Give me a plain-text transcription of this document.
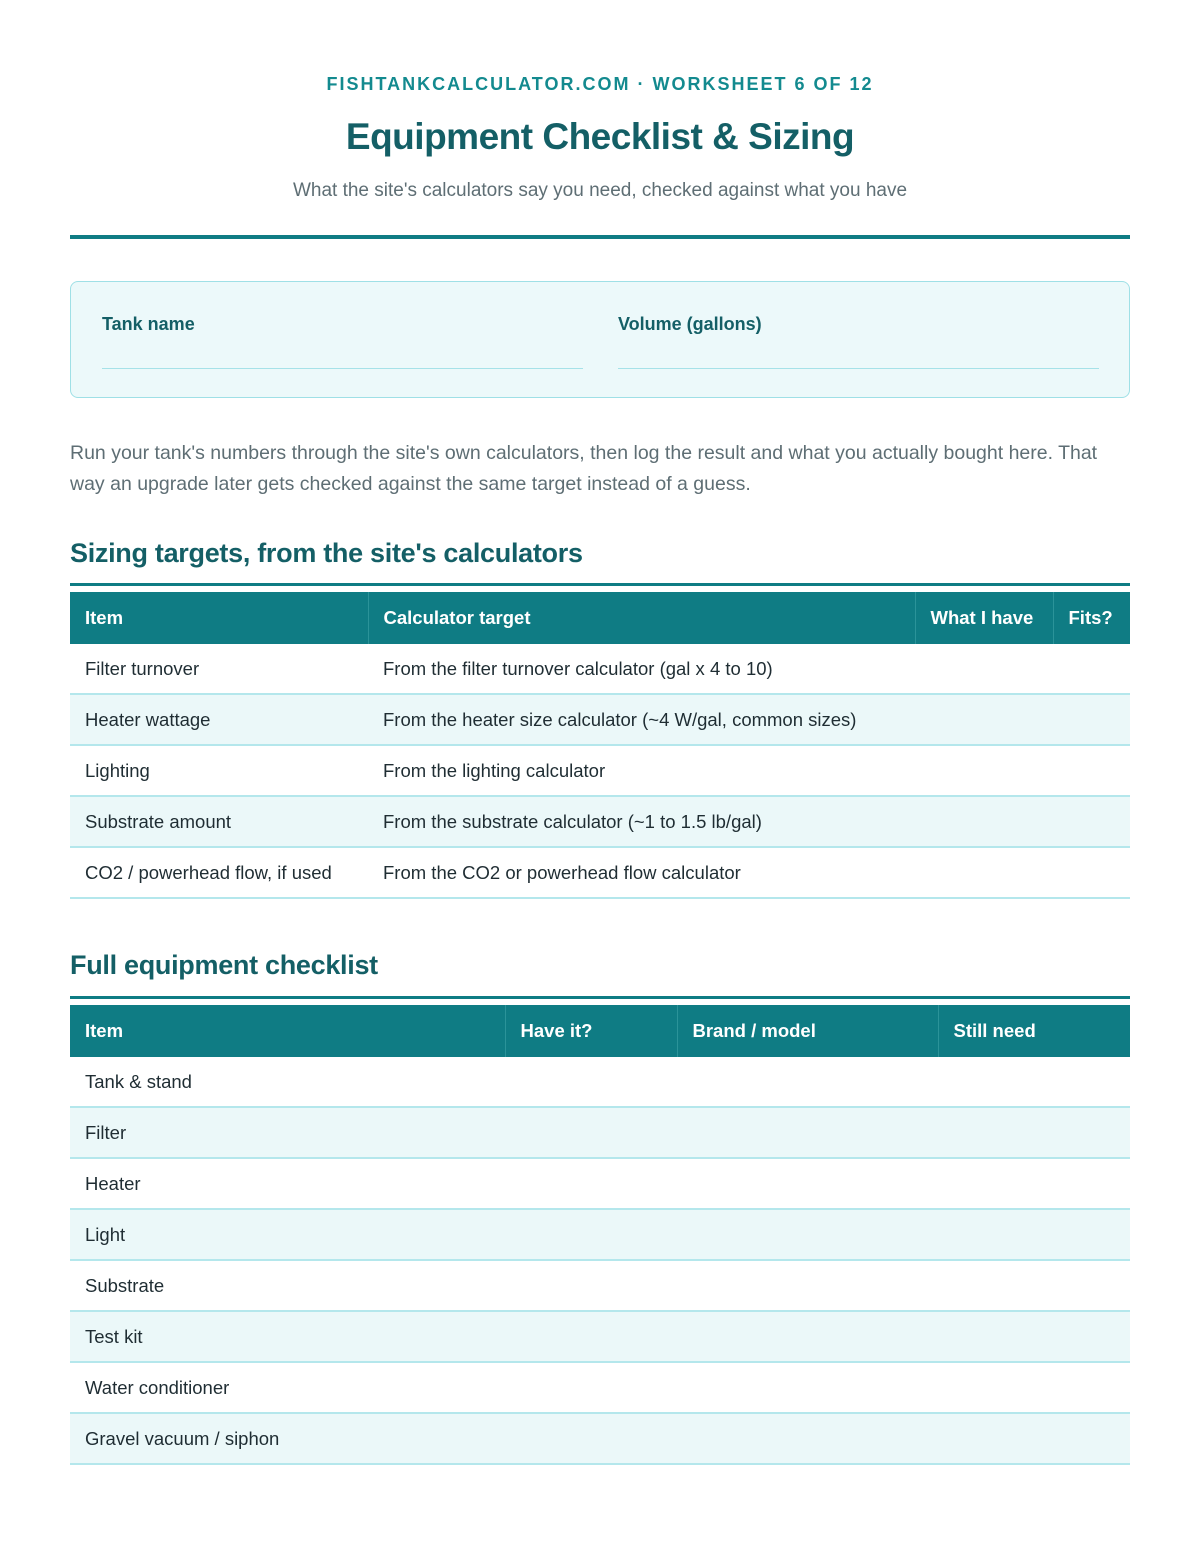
FISHTANKCALCULATOR.COM · WORKSHEET 6 OF 12
Equipment Checklist & Sizing
What the site's calculators say you need, checked against what you have
Tank name	Volume (gallons)
Run your tank's numbers through the site's own calculators, then log the result and what you actually bought here. That way an upgrade later gets checked against the same target instead of a guess.
Sizing targets, from the site's calculators
Item	Calculator target	What I have	Fits?
Filter turnover	From the filter turnover calculator (gal x 4 to 10)		
Heater wattage	From the heater size calculator (~4 W/gal, common sizes)		
Lighting	From the lighting calculator		
Substrate amount	From the substrate calculator (~1 to 1.5 lb/gal)		
CO2 / powerhead flow, if used	From the CO2 or powerhead flow calculator		
Full equipment checklist
Item	Have it?	Brand / model	Still need
Tank & stand			
Filter			
Heater			
Light			
Substrate			
Test kit			
Water conditioner			
Gravel vacuum / siphon			
